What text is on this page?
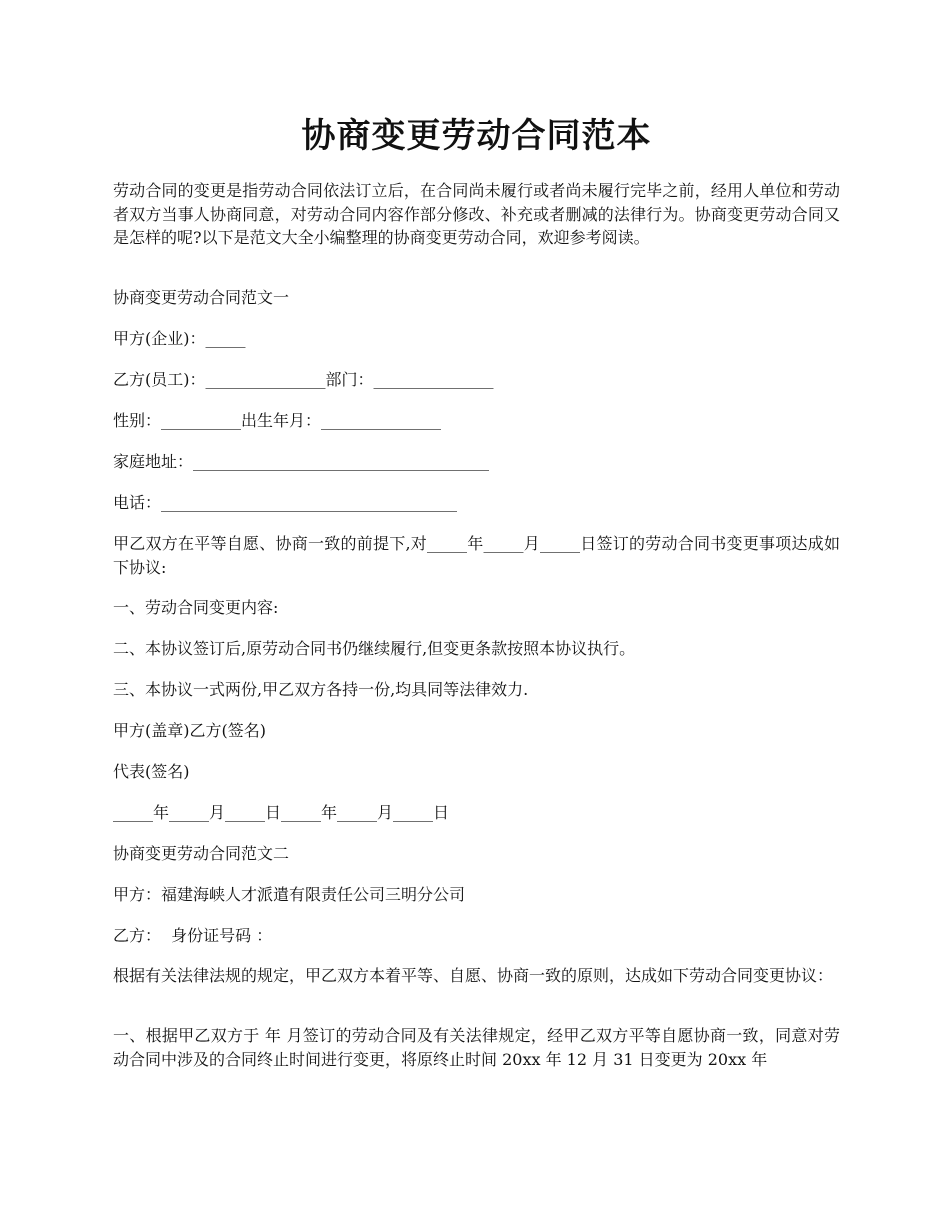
协商变更劳动合同范本

劳动合同的变更是指劳动合同依法订立后，在合同尚未履行或者尚未履行完毕之前，经用人单位和劳动者双方当事人协商同意，对劳动合同内容作部分修改、补充或者删减的法律行为。协商变更劳动合同又是怎样的呢?以下是范文大全小编整理的协商变更劳动合同，欢迎参考阅读。

协商变更劳动合同范文一

甲方(企业)：_____

乙方(员工)：_______________部门：_______________

性别：__________出生年月：_______________

家庭地址：_____________________________________

电话：_____________________________________

甲乙双方在平等自愿、协商一致的前提下,对_____年_____月_____日签订的劳动合同书变更事项达成如下协议:

一、劳动合同变更内容:

二、本协议签订后,原劳动合同书仍继续履行,但变更条款按照本协议执行。

三、本协议一式两份,甲乙双方各持一份,均具同等法律效力.

甲方(盖章)乙方(签名)

代表(签名)

_____年_____月_____日_____年_____月_____日

协商变更劳动合同范文二

甲方：福建海峡人才派遣有限责任公司三明分公司

乙方：  身份证号码 ：

根据有关法律法规的规定，甲乙双方本着平等、自愿、协商一致的原则，达成如下劳动合同变更协议：

一、根据甲乙双方于 年 月签订的劳动合同及有关法律规定，经甲乙双方平等自愿协商一致，同意对劳动合同中涉及的合同终止时间进行变更，将原终止时间 20xx 年 12 月 31 日变更为 20xx 年
